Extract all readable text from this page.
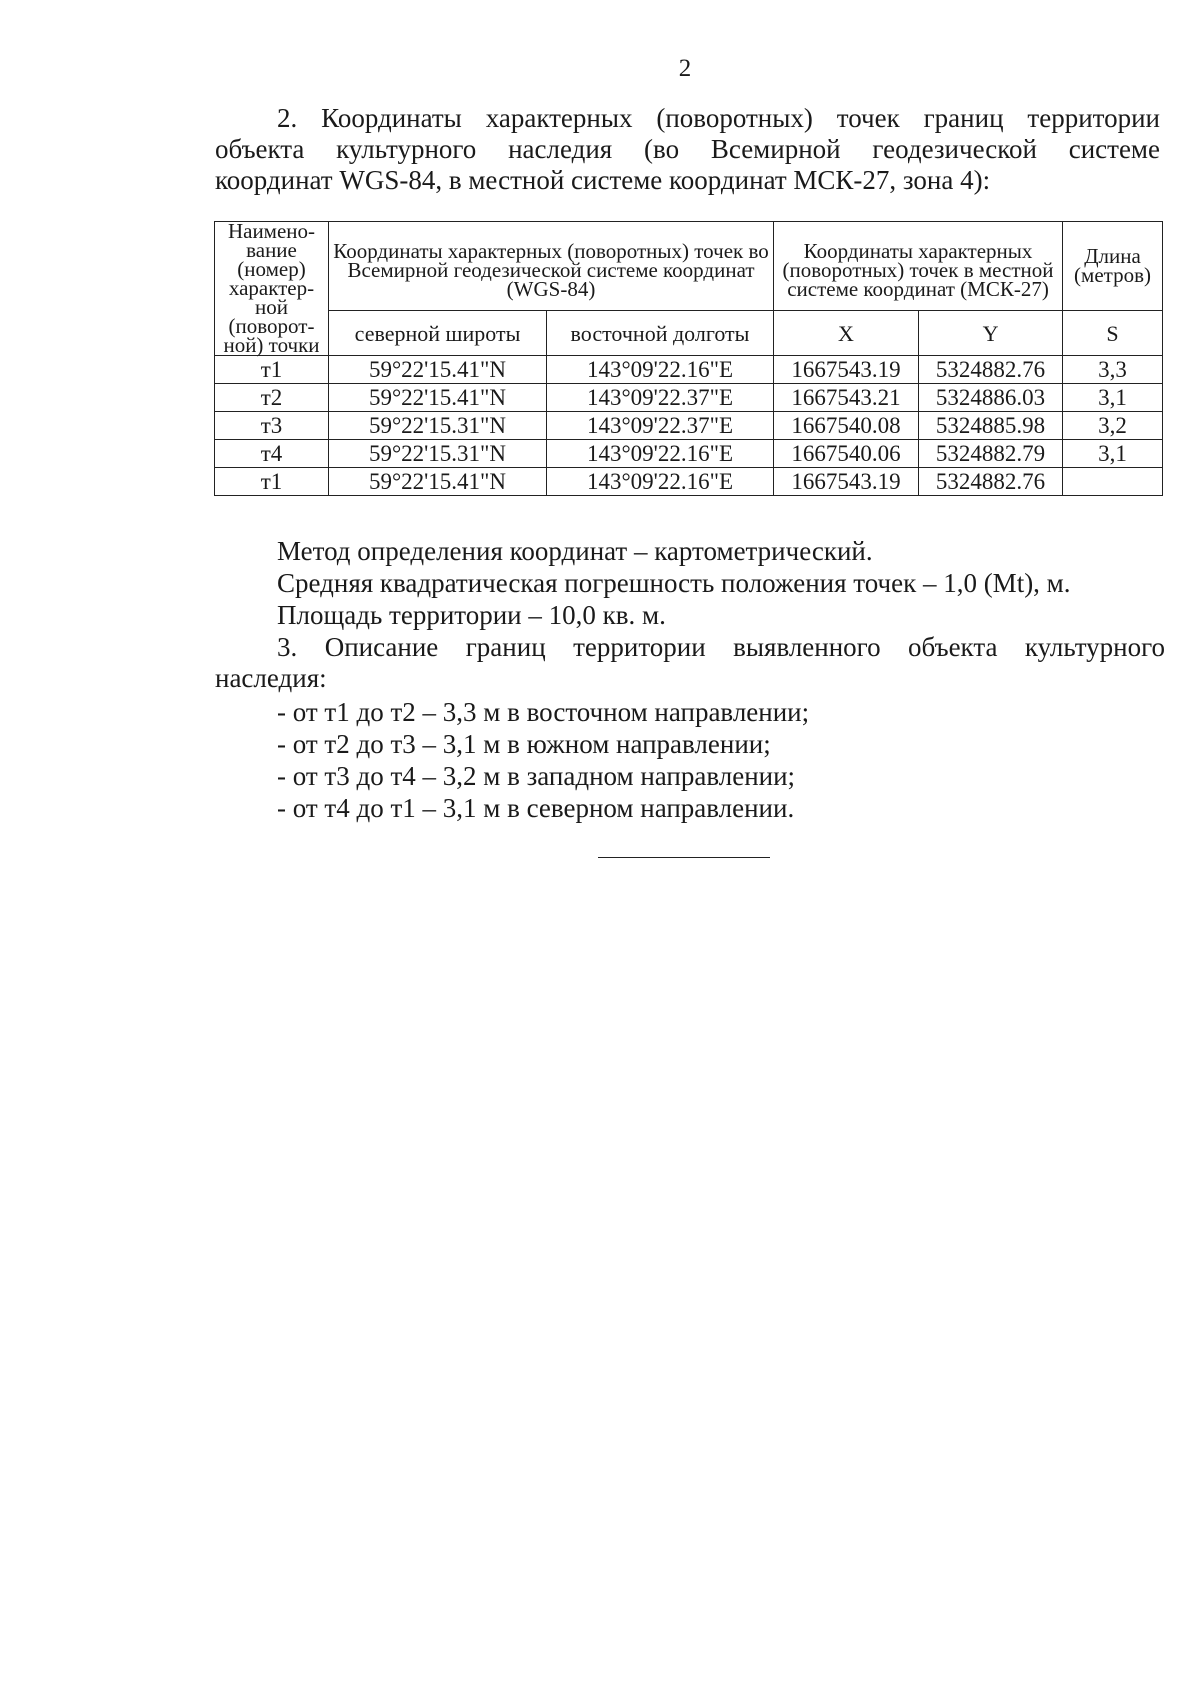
2
2. Координаты характерных (поворотных) точек границ территории
объекта культурного наследия (во Всемирной геодезической системе
координат WGS-84, в местной системе координат МСК-27, зона 4):
Наимено-вание (номер) характер-ной (поворот-ной) точки	Координаты характерных (поворотных) точек во Всемирной геодезической системе координат (WGS-84)		Координаты характерных (поворотных) точек в местной системе координат (МСК-27)		Длина (метров)
	северной широты	восточной долготы	X	Y	S
т1	59°22'15.41"N	143°09'22.16"E	1667543.19	5324882.76	3,3
т2	59°22'15.41"N	143°09'22.37"E	1667543.21	5324886.03	3,1
т3	59°22'15.31"N	143°09'22.37"E	1667540.08	5324885.98	3,2
т4	59°22'15.31"N	143°09'22.16"E	1667540.06	5324882.79	3,1
т1	59°22'15.41"N	143°09'22.16"E	1667543.19	5324882.76	
Метод определения координат – картометрический.
Средняя квадратическая погрешность положения точек – 1,0 (Mt), м.
Площадь территории – 10,0 кв. м.
3. Описание границ территории выявленного объекта культурного
наследия:
- от т1 до т2 – 3,3 м в восточном направлении;
- от т2 до т3 – 3,1 м в южном направлении;
- от т3 до т4 – 3,2 м в западном направлении;
- от т4 до т1 – 3,1 м в северном направлении.
